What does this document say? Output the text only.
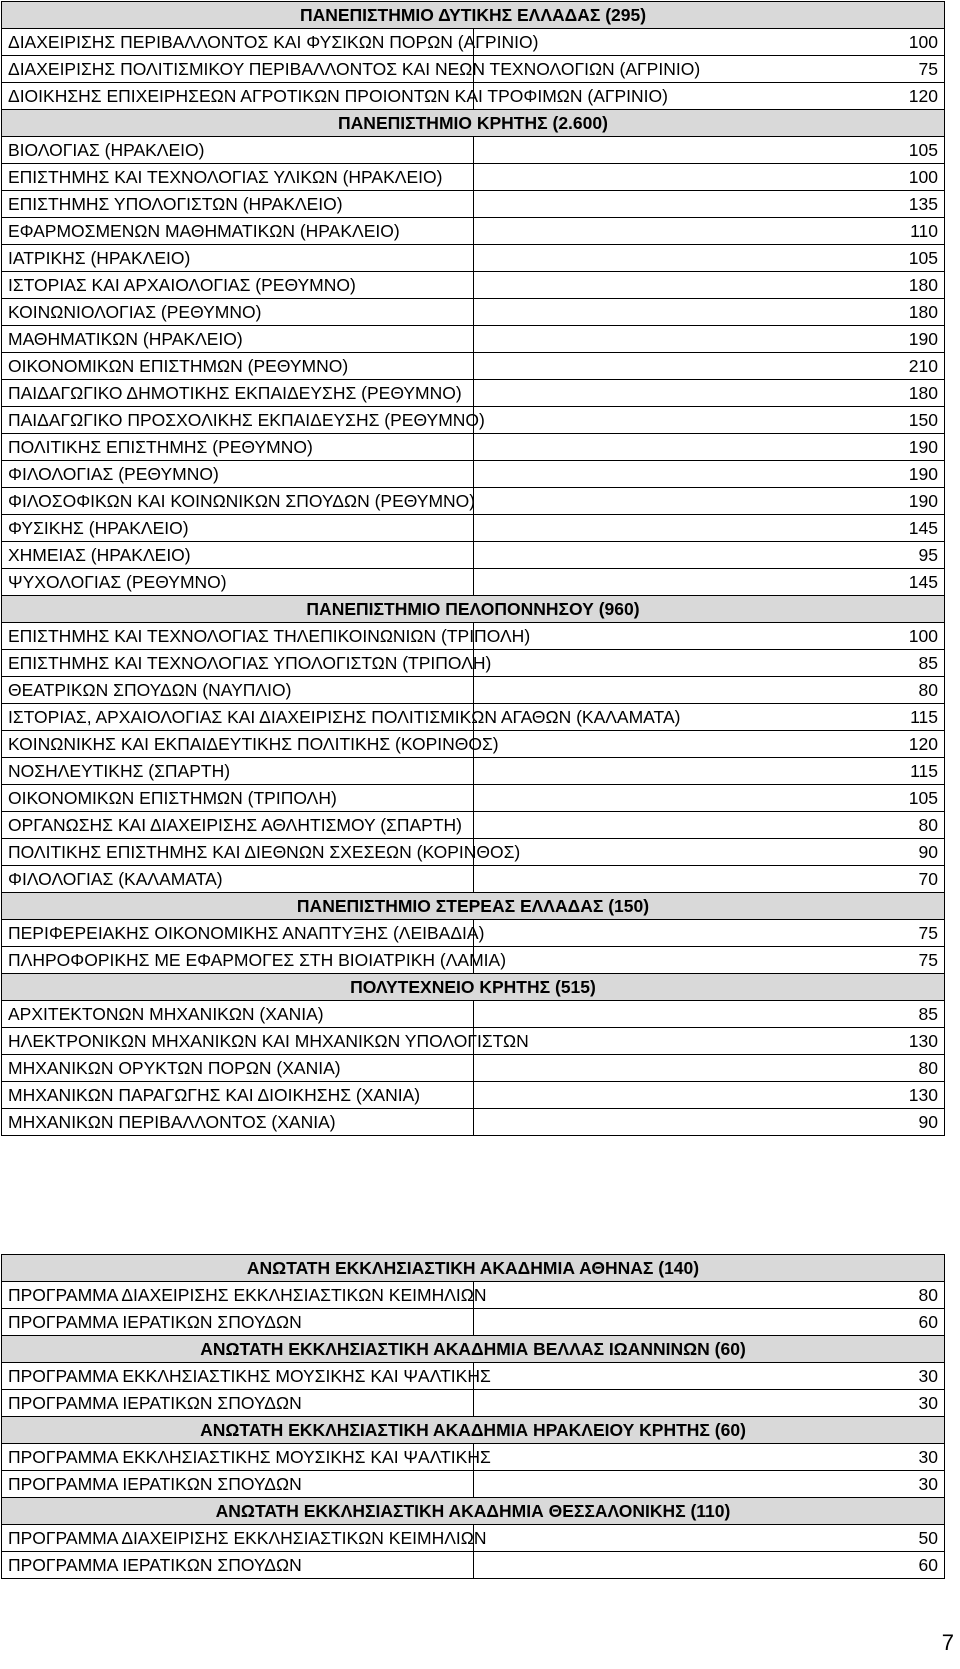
ΠΑΝΕΠΙΣΤΗΜΙΟ ΔΥΤΙΚΗΣ ΕΛΛΑΔΑΣ (295)	
ΔΙΑΧΕΙΡΙΣΗΣ ΠΕΡΙΒΑΛΛΟΝΤΟΣ ΚΑΙ ΦΥΣΙΚΩΝ ΠΟΡΩΝ (ΑΓΡΙΝΙΟ)	100
ΔΙΑΧΕΙΡΙΣΗΣ ΠΟΛΙΤΙΣΜΙΚΟΥ ΠΕΡΙΒΑΛΛΟΝΤΟΣ ΚΑΙ ΝΕΩΝ ΤΕΧΝΟΛΟΓΙΩΝ (ΑΓΡΙΝΙΟ)	75
ΔΙΟΙΚΗΣΗΣ ΕΠΙΧΕΙΡΗΣΕΩΝ ΑΓΡΟΤΙΚΩΝ ΠΡΟΙΟΝΤΩΝ ΚΑΙ ΤΡΟΦΙΜΩΝ (ΑΓΡΙΝΙΟ)	120
ΠΑΝΕΠΙΣΤΗΜΙΟ ΚΡΗΤΗΣ (2.600)	
ΒΙΟΛΟΓΙΑΣ (ΗΡΑΚΛΕΙΟ)	105
ΕΠΙΣΤΗΜΗΣ ΚΑΙ ΤΕΧΝΟΛΟΓΙΑΣ ΥΛΙΚΩΝ (ΗΡΑΚΛΕΙΟ)	100
ΕΠΙΣΤΗΜΗΣ ΥΠΟΛΟΓΙΣΤΩΝ (ΗΡΑΚΛΕΙΟ)	135
ΕΦΑΡΜΟΣΜΕΝΩΝ ΜΑΘΗΜΑΤΙΚΩΝ (ΗΡΑΚΛΕΙΟ)	110
ΙΑΤΡΙΚΗΣ (ΗΡΑΚΛΕΙΟ)	105
ΙΣΤΟΡΙΑΣ ΚΑΙ ΑΡΧΑΙΟΛΟΓΙΑΣ (ΡΕΘΥΜΝΟ)	180
ΚΟΙΝΩΝΙΟΛΟΓΙΑΣ (ΡΕΘΥΜΝΟ)	180
ΜΑΘΗΜΑΤΙΚΩΝ (ΗΡΑΚΛΕΙΟ)	190
ΟΙΚΟΝΟΜΙΚΩΝ ΕΠΙΣΤΗΜΩΝ (ΡΕΘΥΜΝΟ)	210
ΠΑΙΔΑΓΩΓΙΚΟ ΔΗΜΟΤΙΚΗΣ ΕΚΠΑΙΔΕΥΣΗΣ (ΡΕΘΥΜΝΟ)	180
ΠΑΙΔΑΓΩΓΙΚΟ ΠΡΟΣΧΟΛΙΚΗΣ ΕΚΠΑΙΔΕΥΣΗΣ (ΡΕΘΥΜΝΟ)	150
ΠΟΛΙΤΙΚΗΣ ΕΠΙΣΤΗΜΗΣ (ΡΕΘΥΜΝΟ)	190
ΦΙΛΟΛΟΓΙΑΣ (ΡΕΘΥΜΝΟ)	190
ΦΙΛΟΣΟΦΙΚΩΝ ΚΑΙ ΚΟΙΝΩΝΙΚΩΝ ΣΠΟΥΔΩΝ (ΡΕΘΥΜΝΟ)	190
ΦΥΣΙΚΗΣ (ΗΡΑΚΛΕΙΟ)	145
ΧΗΜΕΙΑΣ (ΗΡΑΚΛΕΙΟ)	95
ΨΥΧΟΛΟΓΙΑΣ (ΡΕΘΥΜΝΟ)	145
ΠΑΝΕΠΙΣΤΗΜΙΟ ΠΕΛΟΠΟΝΝΗΣΟΥ (960)	
ΕΠΙΣΤΗΜΗΣ ΚΑΙ ΤΕΧΝΟΛΟΓΙΑΣ ΤΗΛΕΠΙΚΟΙΝΩΝΙΩΝ (ΤΡΙΠΟΛΗ)	100
ΕΠΙΣΤΗΜΗΣ ΚΑΙ ΤΕΧΝΟΛΟΓΙΑΣ ΥΠΟΛΟΓΙΣΤΩΝ (ΤΡΙΠΟΛΗ)	85
ΘΕΑΤΡΙΚΩΝ ΣΠΟΥΔΩΝ (ΝΑΥΠΛΙΟ)	80
ΙΣΤΟΡΙΑΣ, ΑΡΧΑΙΟΛΟΓΙΑΣ ΚΑΙ ΔΙΑΧΕΙΡΙΣΗΣ ΠΟΛΙΤΙΣΜΙΚΩΝ ΑΓΑΘΩΝ (ΚΑΛΑΜΑΤΑ)	115
ΚΟΙΝΩΝΙΚΗΣ ΚΑΙ ΕΚΠΑΙΔΕΥΤΙΚΗΣ ΠΟΛΙΤΙΚΗΣ (ΚΟΡΙΝΘΟΣ)	120
ΝΟΣΗΛΕΥΤΙΚΗΣ (ΣΠΑΡΤΗ)	115
ΟΙΚΟΝΟΜΙΚΩΝ ΕΠΙΣΤΗΜΩΝ (ΤΡΙΠΟΛΗ)	105
ΟΡΓΑΝΩΣΗΣ ΚΑΙ ΔΙΑΧΕΙΡΙΣΗΣ ΑΘΛΗΤΙΣΜΟΥ (ΣΠΑΡΤΗ)	80
ΠΟΛΙΤΙΚΗΣ ΕΠΙΣΤΗΜΗΣ ΚΑΙ ΔΙΕΘΝΩΝ ΣΧΕΣΕΩΝ (ΚΟΡΙΝΘΟΣ)	90
ΦΙΛΟΛΟΓΙΑΣ (ΚΑΛΑΜΑΤΑ)	70
ΠΑΝΕΠΙΣΤΗΜΙΟ ΣΤΕΡΕΑΣ ΕΛΛΑΔΑΣ (150)	
ΠΕΡΙΦΕΡΕΙΑΚΗΣ ΟΙΚΟΝΟΜΙΚΗΣ ΑΝΑΠΤΥΞΗΣ (ΛΕΙΒΑΔΙΑ)	75
ΠΛΗΡΟΦΟΡΙΚΗΣ ΜΕ ΕΦΑΡΜΟΓΕΣ ΣΤΗ ΒΙΟΙΑΤΡΙΚΗ (ΛΑΜΙΑ)	75
ΠΟΛΥΤΕΧΝΕΙΟ ΚΡΗΤΗΣ (515)	
ΑΡΧΙΤΕΚΤΟΝΩΝ ΜΗΧΑΝΙΚΩΝ (ΧΑΝΙΑ)	85
ΗΛΕΚΤΡΟΝΙΚΩΝ ΜΗΧΑΝΙΚΩΝ ΚΑΙ ΜΗΧΑΝΙΚΩΝ ΥΠΟΛΟΓΙΣΤΩΝ	130
ΜΗΧΑΝΙΚΩΝ ΟΡΥΚΤΩΝ ΠΟΡΩΝ (ΧΑΝΙΑ)	80
ΜΗΧΑΝΙΚΩΝ ΠΑΡΑΓΩΓΗΣ ΚΑΙ ΔΙΟΙΚΗΣΗΣ (ΧΑΝΙΑ)	130
ΜΗΧΑΝΙΚΩΝ ΠΕΡΙΒΑΛΛΟΝΤΟΣ (ΧΑΝΙΑ)	90
ΑΝΩΤΑΤΗ ΕΚΚΛΗΣΙΑΣΤΙΚΗ ΑΚΑΔΗΜΙΑ ΑΘΗΝΑΣ (140)	
ΠΡΟΓΡΑΜΜΑ ΔΙΑΧΕΙΡΙΣΗΣ ΕΚΚΛΗΣΙΑΣΤΙΚΩΝ ΚΕΙΜΗΛΙΩΝ	80
ΠΡΟΓΡΑΜΜΑ ΙΕΡΑΤΙΚΩΝ ΣΠΟΥΔΩΝ	60
ΑΝΩΤΑΤΗ ΕΚΚΛΗΣΙΑΣΤΙΚΗ ΑΚΑΔΗΜΙΑ ΒΕΛΛΑΣ ΙΩΑΝΝΙΝΩΝ (60)	
ΠΡΟΓΡΑΜΜΑ ΕΚΚΛΗΣΙΑΣΤΙΚΗΣ ΜΟΥΣΙΚΗΣ ΚΑΙ ΨΑΛΤΙΚΗΣ	30
ΠΡΟΓΡΑΜΜΑ ΙΕΡΑΤΙΚΩΝ ΣΠΟΥΔΩΝ	30
ΑΝΩΤΑΤΗ ΕΚΚΛΗΣΙΑΣΤΙΚΗ ΑΚΑΔΗΜΙΑ ΗΡΑΚΛΕΙΟΥ ΚΡΗΤΗΣ (60)	
ΠΡΟΓΡΑΜΜΑ ΕΚΚΛΗΣΙΑΣΤΙΚΗΣ ΜΟΥΣΙΚΗΣ ΚΑΙ ΨΑΛΤΙΚΗΣ	30
ΠΡΟΓΡΑΜΜΑ ΙΕΡΑΤΙΚΩΝ ΣΠΟΥΔΩΝ	30
ΑΝΩΤΑΤΗ ΕΚΚΛΗΣΙΑΣΤΙΚΗ ΑΚΑΔΗΜΙΑ ΘΕΣΣΑΛΟΝΙΚΗΣ (110)	
ΠΡΟΓΡΑΜΜΑ ΔΙΑΧΕΙΡΙΣΗΣ ΕΚΚΛΗΣΙΑΣΤΙΚΩΝ ΚΕΙΜΗΛΙΩΝ	50
ΠΡΟΓΡΑΜΜΑ ΙΕΡΑΤΙΚΩΝ ΣΠΟΥΔΩΝ	60
7
